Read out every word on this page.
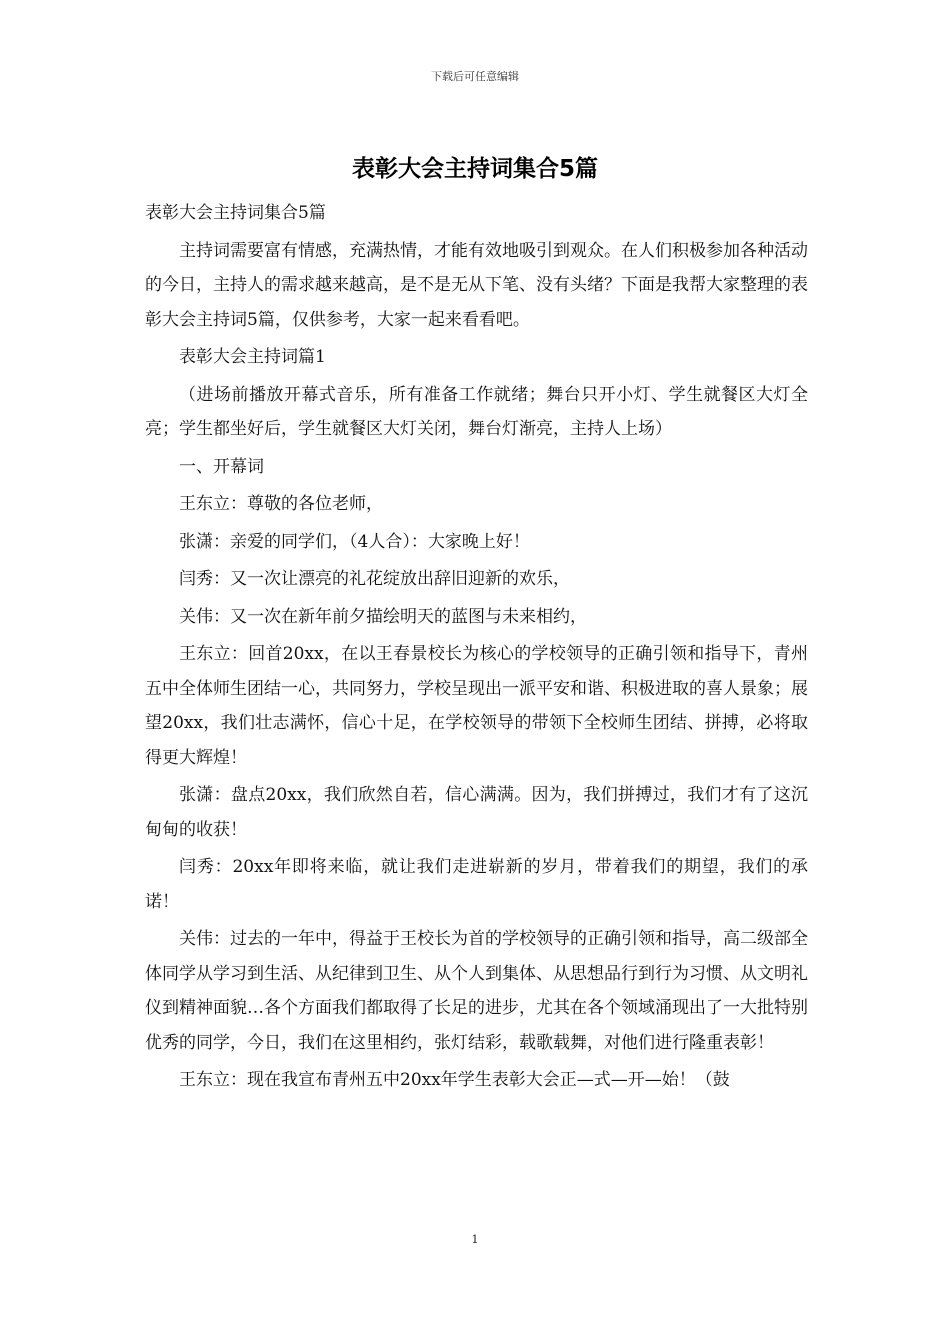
下载后可任意编辑
表彰大会主持词集合5篇

表彰大会主持词集合5篇

主持词需要富有情感，充满热情，才能有效地吸引到观众。在人们积极参加各种活动的今日，主持人的需求越来越高，是不是无从下笔、没有头绪？下面是我帮大家整理的表彰大会主持词5篇，仅供参考，大家一起来看看吧。

表彰大会主持词篇1

（进场前播放开幕式音乐，所有准备工作就绪；舞台只开小灯、学生就餐区大灯全亮；学生都坐好后，学生就餐区大灯关闭，舞台灯渐亮，主持人上场）

一、开幕词

王东立：尊敬的各位老师，

张潇：亲爱的同学们，（4人合）：大家晚上好！

闫秀：又一次让漂亮的礼花绽放出辞旧迎新的欢乐，

关伟：又一次在新年前夕描绘明天的蓝图与未来相约，

王东立：回首20xx，在以王春景校长为核心的学校领导的正确引领和指导下，青州五中全体师生团结一心，共同努力，学校呈现出一派平安和谐、积极进取的喜人景象；展望20xx，我们壮志满怀，信心十足，在学校领导的带领下全校师生团结、拼搏，必将取得更大辉煌！

张潇：盘点20xx，我们欣然自若，信心满满。因为，我们拼搏过，我们才有了这沉甸甸的收获！

闫秀：20xx年即将来临，就让我们走进崭新的岁月，带着我们的期望，我们的承诺！

关伟：过去的一年中，得益于王校长为首的学校领导的正确引领和指导，高二级部全体同学从学习到生活、从纪律到卫生、从个人到集体、从思想品行到行为习惯、从文明礼仪到精神面貌…各个方面我们都取得了长足的进步，尤其在各个领域涌现出了一大批特别优秀的同学，今日，我们在这里相约，张灯结彩，载歌载舞，对他们进行隆重表彰！

王东立：现在我宣布青州五中20xx年学生表彰大会正—式—开—始！（鼓

1
